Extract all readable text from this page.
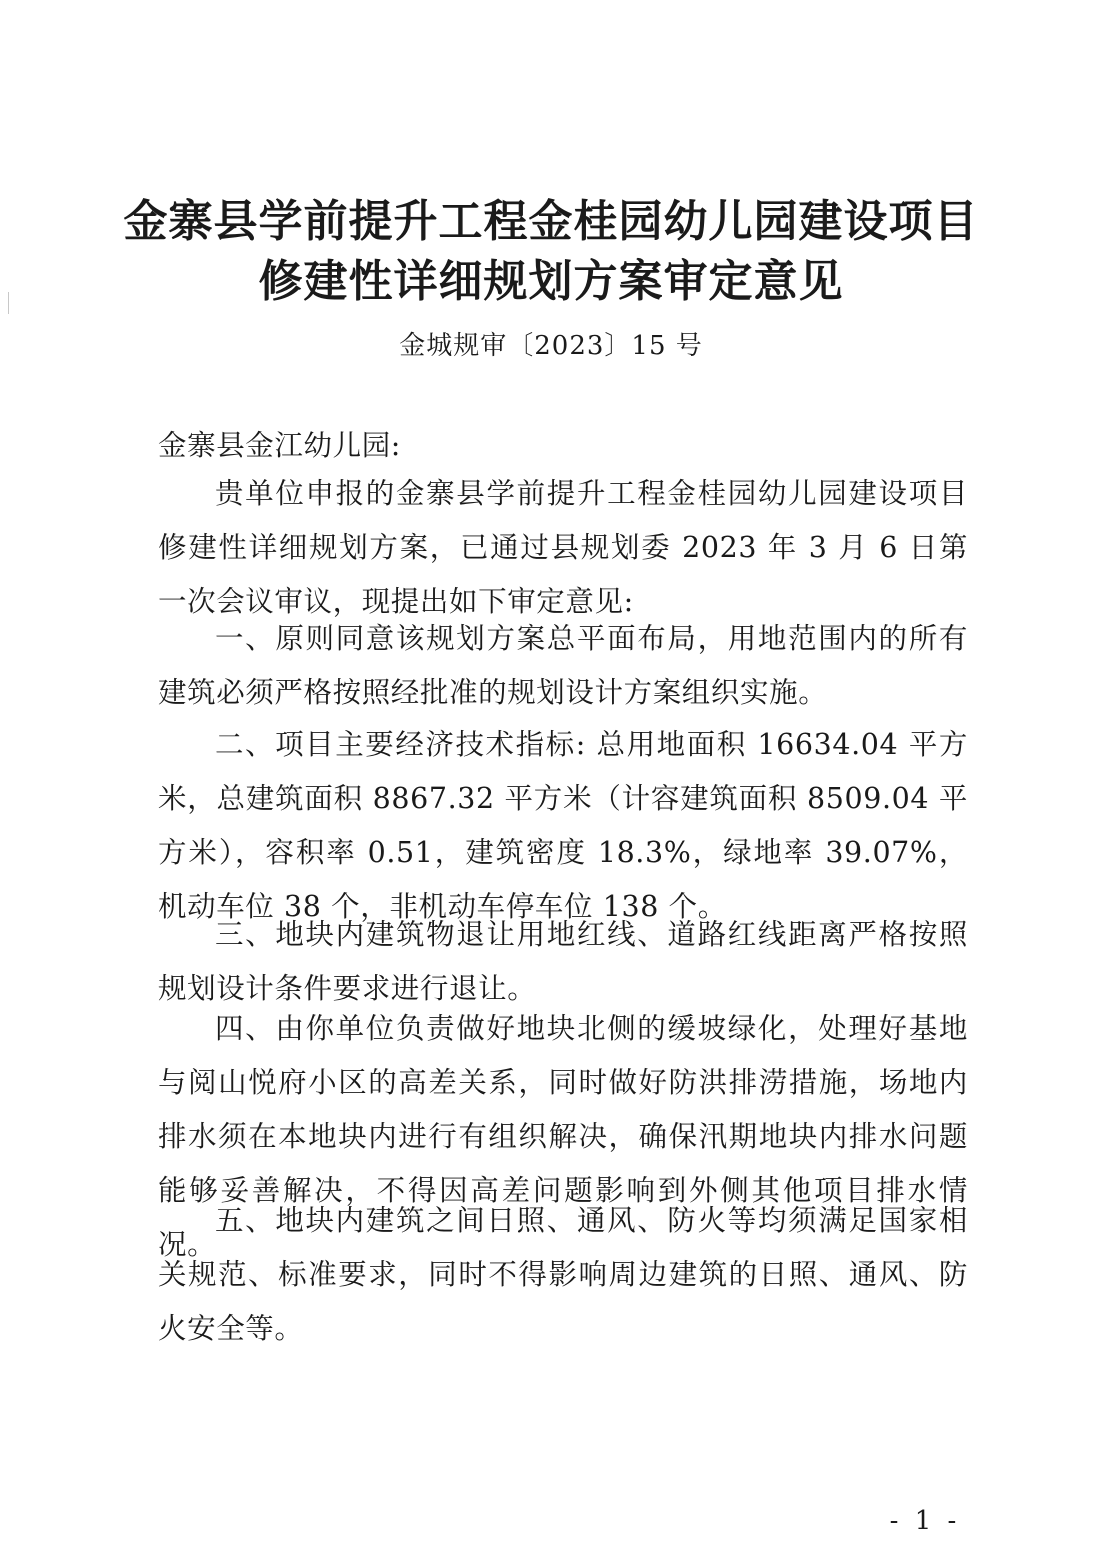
金寨县学前提升工程金桂园幼儿园建设项目
修建性详细规划方案审定意见
金城规审〔2023〕15 号
金寨县金江幼儿园:

贵单位申报的金寨县学前提升工程金桂园幼儿园建设项目修建性详细规划方案，已通过县规划委 2023 年 3 月 6 日第一次会议审议，现提出如下审定意见:

一、原则同意该规划方案总平面布局，用地范围内的所有建筑必须严格按照经批准的规划设计方案组织实施。

二、项目主要经济技术指标: 总用地面积 16634.04 平方米，总建筑面积 8867.32 平方米（计容建筑面积 8509.04 平方米），容积率 0.51，建筑密度 18.3%，绿地率 39.07%，机动车位 38 个，非机动车停车位 138 个。

三、地块内建筑物退让用地红线、道路红线距离严格按照规划设计条件要求进行退让。

四、由你单位负责做好地块北侧的缓坡绿化，处理好基地与阅山悦府小区的高差关系，同时做好防洪排涝措施，场地内排水须在本地块内进行有组织解决，确保汛期地块内排水问题能够妥善解决，不得因高差问题影响到外侧其他项目排水情况。

五、地块内建筑之间日照、通风、防火等均须满足国家相关规范、标准要求，同时不得影响周边建筑的日照、通风、防火安全等。

- 1 -
